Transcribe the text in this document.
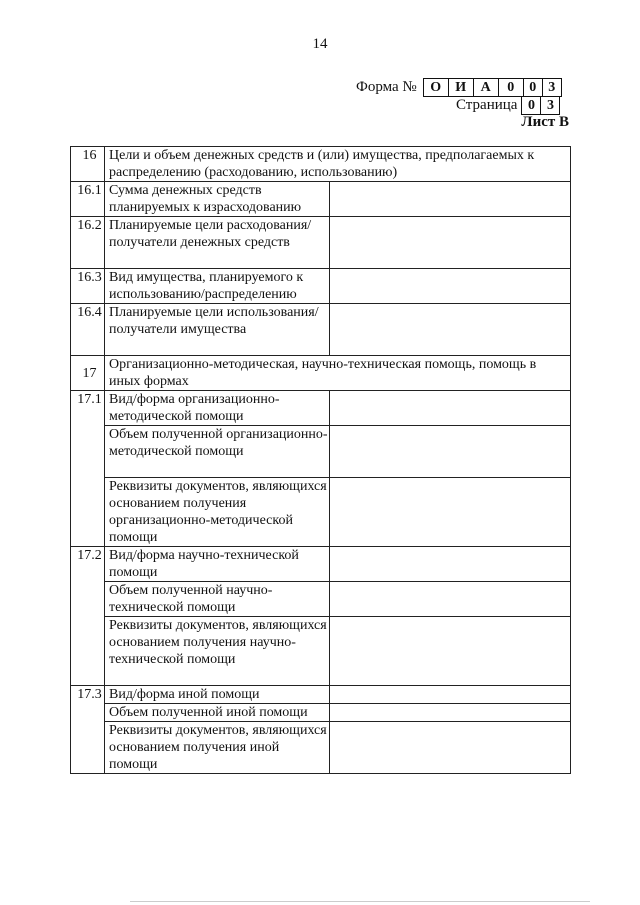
14
Форма № О	И	А	0	0 3
Страница 0 3
Лист В
16	Цели и объем денежных средств и (или) имущества, предполагаемых к распределению (расходованию, использованию)	
16.1	Сумма денежных средств планируемых к израсходованию	
16.2	Планируемые цели расходования/получатели денежных средств	
16.3	Вид имущества, планируемого к использованию/распределению	
16.4	Планируемые цели использования/получатели имущества	
17	Организационно-методическая, научно-техническая помощь, помощь в иных формах	
17.1	Вид/форма организационно-методической помощи	
	Объем полученной организационно-методической помощи	
	Реквизиты документов, являющихся основанием получения организационно-методической помощи	
17.2	Вид/форма научно-технической помощи	
	Объем полученной научно-технической помощи	
	Реквизиты документов, являющихся основанием получения научно-технической помощи	
17.3	Вид/форма иной помощи	
	Объем полученной иной помощи	
	Реквизиты документов, являющихся основанием получения иной помощи	
